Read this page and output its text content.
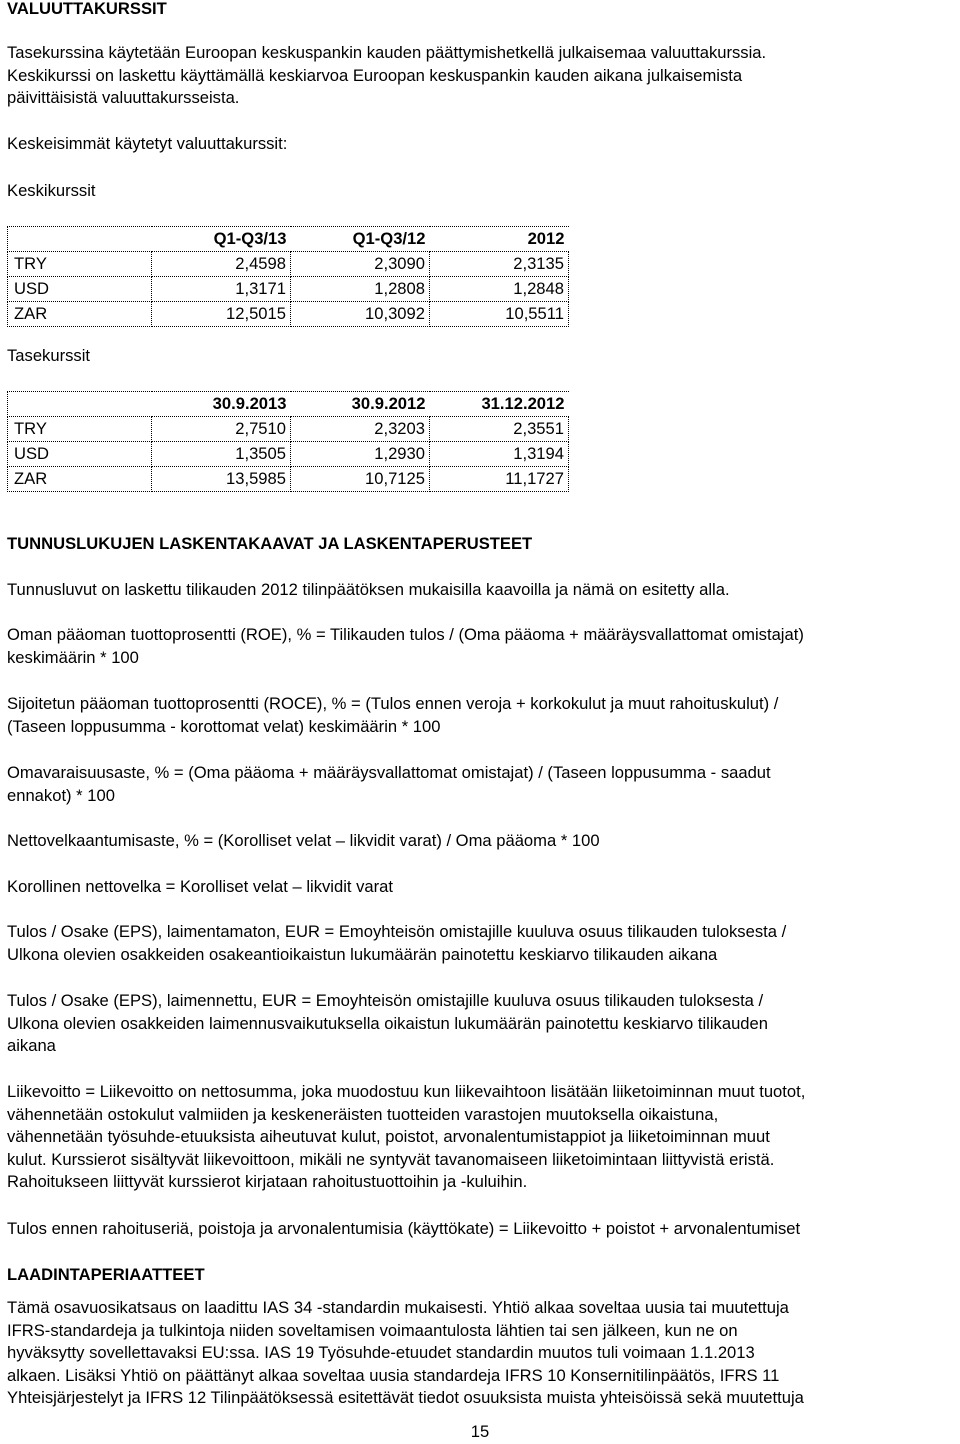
VALUUTTAKURSSIT

Tasekurssina käytetään Euroopan keskuspankin kauden päättymishetkellä julkaisemaa valuuttakurssia.

Keskikurssi on laskettu käyttämällä keskiarvoa Euroopan keskuspankin kauden aikana julkaisemista

päivittäisistä valuuttakursseista.

Keskeisimmät käytetyt valuuttakurssit:

Keskikurssit

	Q1-Q3/13	Q1-Q3/12	2012
TRY	2,4598	2,3090	2,3135
USD	1,3171	1,2808	1,2848
ZAR	12,5015	10,3092	10,5511

Tasekurssit

	30.9.2013	30.9.2012	31.12.2012
TRY	2,7510	2,3203	2,3551
USD	1,3505	1,2930	1,3194
ZAR	13,5985	10,7125	11,1727

TUNNUSLUKUJEN LASKENTAKAAVAT JA LASKENTAPERUSTEET

Tunnusluvut on laskettu tilikauden 2012 tilinpäätöksen mukaisilla kaavoilla ja nämä on esitetty alla.

Oman pääoman tuottoprosentti (ROE), % = Tilikauden tulos / (Oma pääoma + määräysvallattomat omistajat)

keskimäärin * 100

Sijoitetun pääoman tuottoprosentti (ROCE), % = (Tulos ennen veroja + korkokulut ja muut rahoituskulut) /

(Taseen loppusumma - korottomat velat) keskimäärin * 100

Omavaraisuusaste, % = (Oma pääoma + määräysvallattomat omistajat) / (Taseen loppusumma - saadut

ennakot) * 100

Nettovelkaantumisaste, % = (Korolliset velat – likvidit varat) / Oma pääoma * 100

Korollinen nettovelka = Korolliset velat – likvidit varat

Tulos / Osake (EPS), laimentamaton, EUR = Emoyhteisön omistajille kuuluva osuus tilikauden tuloksesta /

Ulkona olevien osakkeiden osakeantioikaistun lukumäärän painotettu keskiarvo tilikauden aikana

Tulos / Osake (EPS), laimennettu, EUR = Emoyhteisön omistajille kuuluva osuus tilikauden tuloksesta /

Ulkona olevien osakkeiden laimennusvaikutuksella oikaistun lukumäärän painotettu keskiarvo tilikauden

aikana

Liikevoitto = Liikevoitto on nettosumma, joka muodostuu kun liikevaihtoon lisätään liiketoiminnan muut tuotot,

vähennetään ostokulut valmiiden ja keskeneräisten tuotteiden varastojen muutoksella oikaistuna,

vähennetään työsuhde-etuuksista aiheutuvat kulut, poistot, arvonalentumistappiot ja liiketoiminnan muut

kulut. Kurssierot sisältyvät liikevoittoon, mikäli ne syntyvät tavanomaiseen liiketoimintaan liittyvistä eristä.

Rahoitukseen liittyvät kurssierot kirjataan rahoitustuottoihin ja -kuluihin.

Tulos ennen rahoituseriä, poistoja ja arvonalentumisia (käyttökate) = Liikevoitto + poistot + arvonalentumiset

LAADINTAPERIAATTEET

Tämä osavuosikatsaus on laadittu IAS 34 -standardin mukaisesti. Yhtiö alkaa soveltaa uusia tai muutettuja

IFRS-standardeja ja tulkintoja niiden soveltamisen voimaantulosta lähtien tai sen jälkeen, kun ne on

hyväksytty sovellettavaksi EU:ssa. IAS 19 Työsuhde-etuudet standardin muutos tuli voimaan 1.1.2013

alkaen. Lisäksi Yhtiö on päättänyt alkaa soveltaa uusia standardeja IFRS 10 Konsernitilinpäätös, IFRS 11

Yhteisjärjestelyt ja IFRS 12 Tilinpäätöksessä esitettävät tiedot osuuksista muista yhteisöissä sekä muutettuja

15
